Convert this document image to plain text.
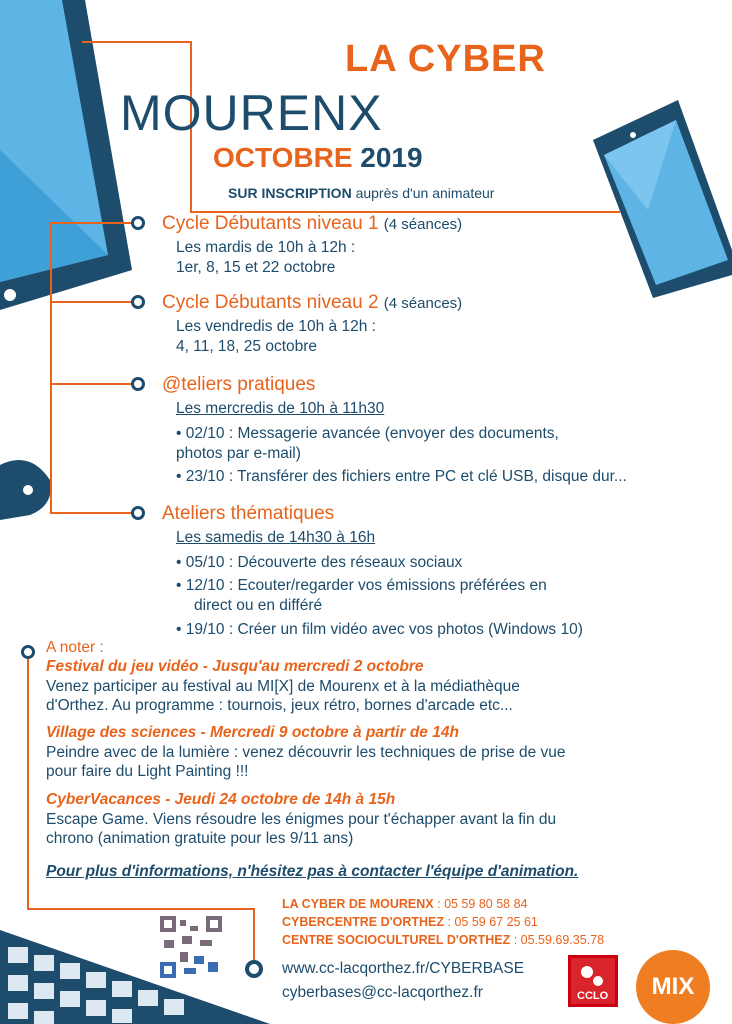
LA CYBER
MOURENX
OCTOBRE 2019
SUR INSCRIPTION auprès d'un animateur
Cycle Débutants niveau 1 (4 séances)
Les mardis de 10h à 12h :
1er, 8, 15 et 22 octobre
Cycle Débutants niveau 2 (4 séances)
Les vendredis de 10h à 12h :
4, 11, 18, 25 octobre
@teliers pratiques
Les mercredis de 10h à 11h30
• 02/10 : Messagerie avancée (envoyer des documents,
photos par e-mail)
• 23/10 : Transférer des fichiers entre PC et clé USB, disque dur...
Ateliers thématiques
Les samedis de 14h30 à 16h
• 05/10 : Découverte des réseaux sociaux
• 12/10 : Ecouter/regarder vos émissions préférées en
direct ou en différé
• 19/10 : Créer un film vidéo avec vos photos (Windows 10)
A noter :
Festival du jeu vidéo - Jusqu'au mercredi 2 octobre
Venez participer au festival au MI[X] de Mourenx et à la médiathèque
d'Orthez. Au programme : tournois, jeux rétro, bornes d'arcade etc...
Village des sciences - Mercredi 9 octobre à partir de 14h
Peindre avec de la lumière : venez découvrir les techniques de prise de vue
pour faire du Light Painting !!!
CyberVacances - Jeudi 24 octobre de 14h à 15h
Escape Game. Viens résoudre les énigmes pour t'échapper avant la fin du
chrono (animation gratuite pour les 9/11 ans)
Pour plus d'informations, n'hésitez pas à contacter l'équipe d'animation.
LA CYBER DE MOURENX : 05 59 80 58 84
CYBERCENTRE D'ORTHEZ : 05 59 67 25 61
CENTRE SOCIOCULTUREL D'ORTHEZ : 05.59.69.35.78
www.cc-lacqorthez.fr/CYBERBASE
cyberbases@cc-lacqorthez.fr	CCLO	MIX
